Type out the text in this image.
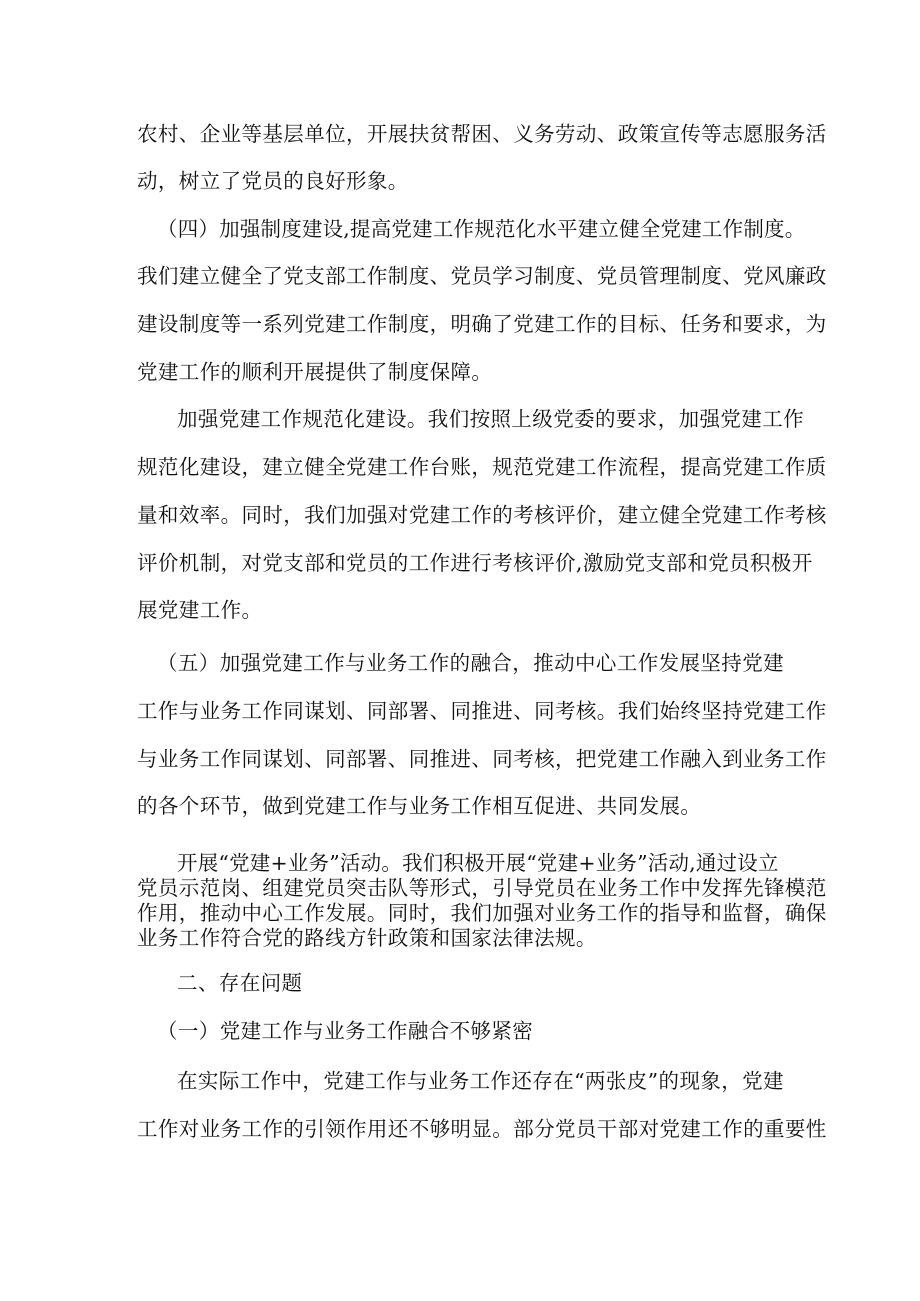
农村、企业等基层单位，开展扶贫帮困、义务劳动、政策宣传等志愿服务活
动，树立了党员的良好形象。
（四）加强制度建设,提高党建工作规范化水平建立健全党建工作制度。
我们建立健全了党支部工作制度、党员学习制度、党员管理制度、党风廉政
建设制度等一系列党建工作制度，明确了党建工作的目标、任务和要求，为
党建工作的顺利开展提供了制度保障。
加强党建工作规范化建设。我们按照上级党委的要求，加强党建工作
规范化建设，建立健全党建工作台账，规范党建工作流程，提高党建工作质
量和效率。同时，我们加强对党建工作的考核评价，建立健全党建工作考核
评价机制，对党支部和党员的工作进行考核评价,激励党支部和党员积极开
展党建工作。
（五）加强党建工作与业务工作的融合，推动中心工作发展坚持党建
工作与业务工作同谋划、同部署、同推进、同考核。我们始终坚持党建工作
与业务工作同谋划、同部署、同推进、同考核，把党建工作融入到业务工作
的各个环节，做到党建工作与业务工作相互促进、共同发展。
开展“党建+业务”活动。我们积极开展“党建+业务”活动,通过设立
党员示范岗、组建党员突击队等形式，引导党员在业务工作中发挥先锋模范
作用，推动中心工作发展。同时，我们加强对业务工作的指导和监督，确保
业务工作符合党的路线方针政策和国家法律法规。
二、存在问题
（一）党建工作与业务工作融合不够紧密
在实际工作中，党建工作与业务工作还存在“两张皮”的现象，党建
工作对业务工作的引领作用还不够明显。部分党员干部对党建工作的重要性
